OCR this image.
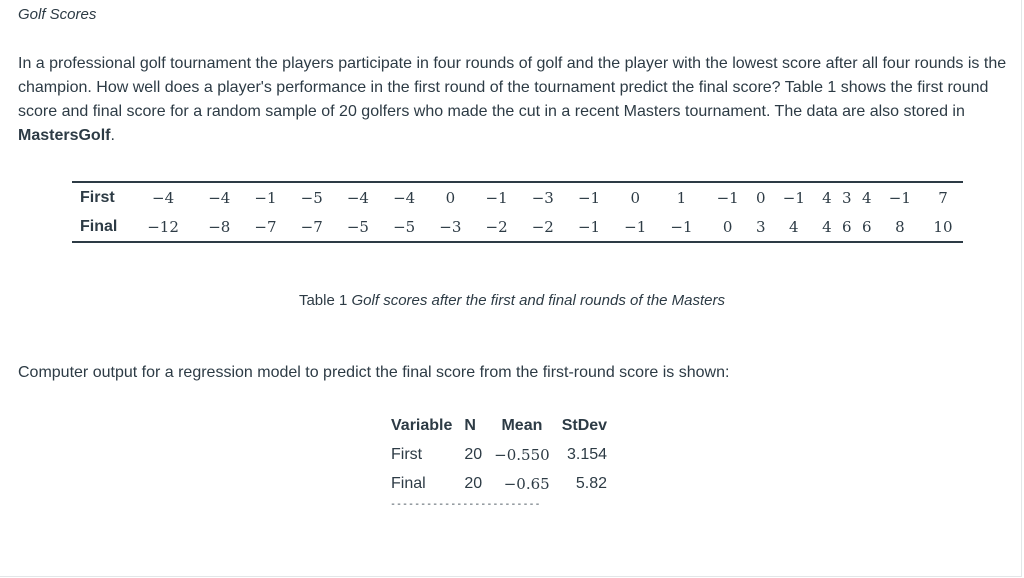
Golf Scores
In a professional golf tournament the players participate in four rounds of golf and the player with the lowest score after all four rounds is the champion. How well does a player's performance in the first round of the tournament predict the final score? Table 1 shows the first round score and final score for a random sample of 20 golfers who made the cut in a recent Masters tournament. The data are also stored in MastersGolf.
First	−4	−4	−1	−5	−4	−4	0	−1	−3	−1	0	1	−1	0	−1	4	3	4	−1	7
Final	−12	−8	−7	−7	−5	−5	−3	−2	−2	−1	−1	−1	0	3	4	4	6	6	8	10
Table 1 Golf scores after the first and final rounds of the Masters
Computer output for a regression model to predict the final score from the first-round score is shown:
Variable	N	Mean	StDev
First	20	−0.550	3.154
Final	20	−0.65	5.82
-------------------------
